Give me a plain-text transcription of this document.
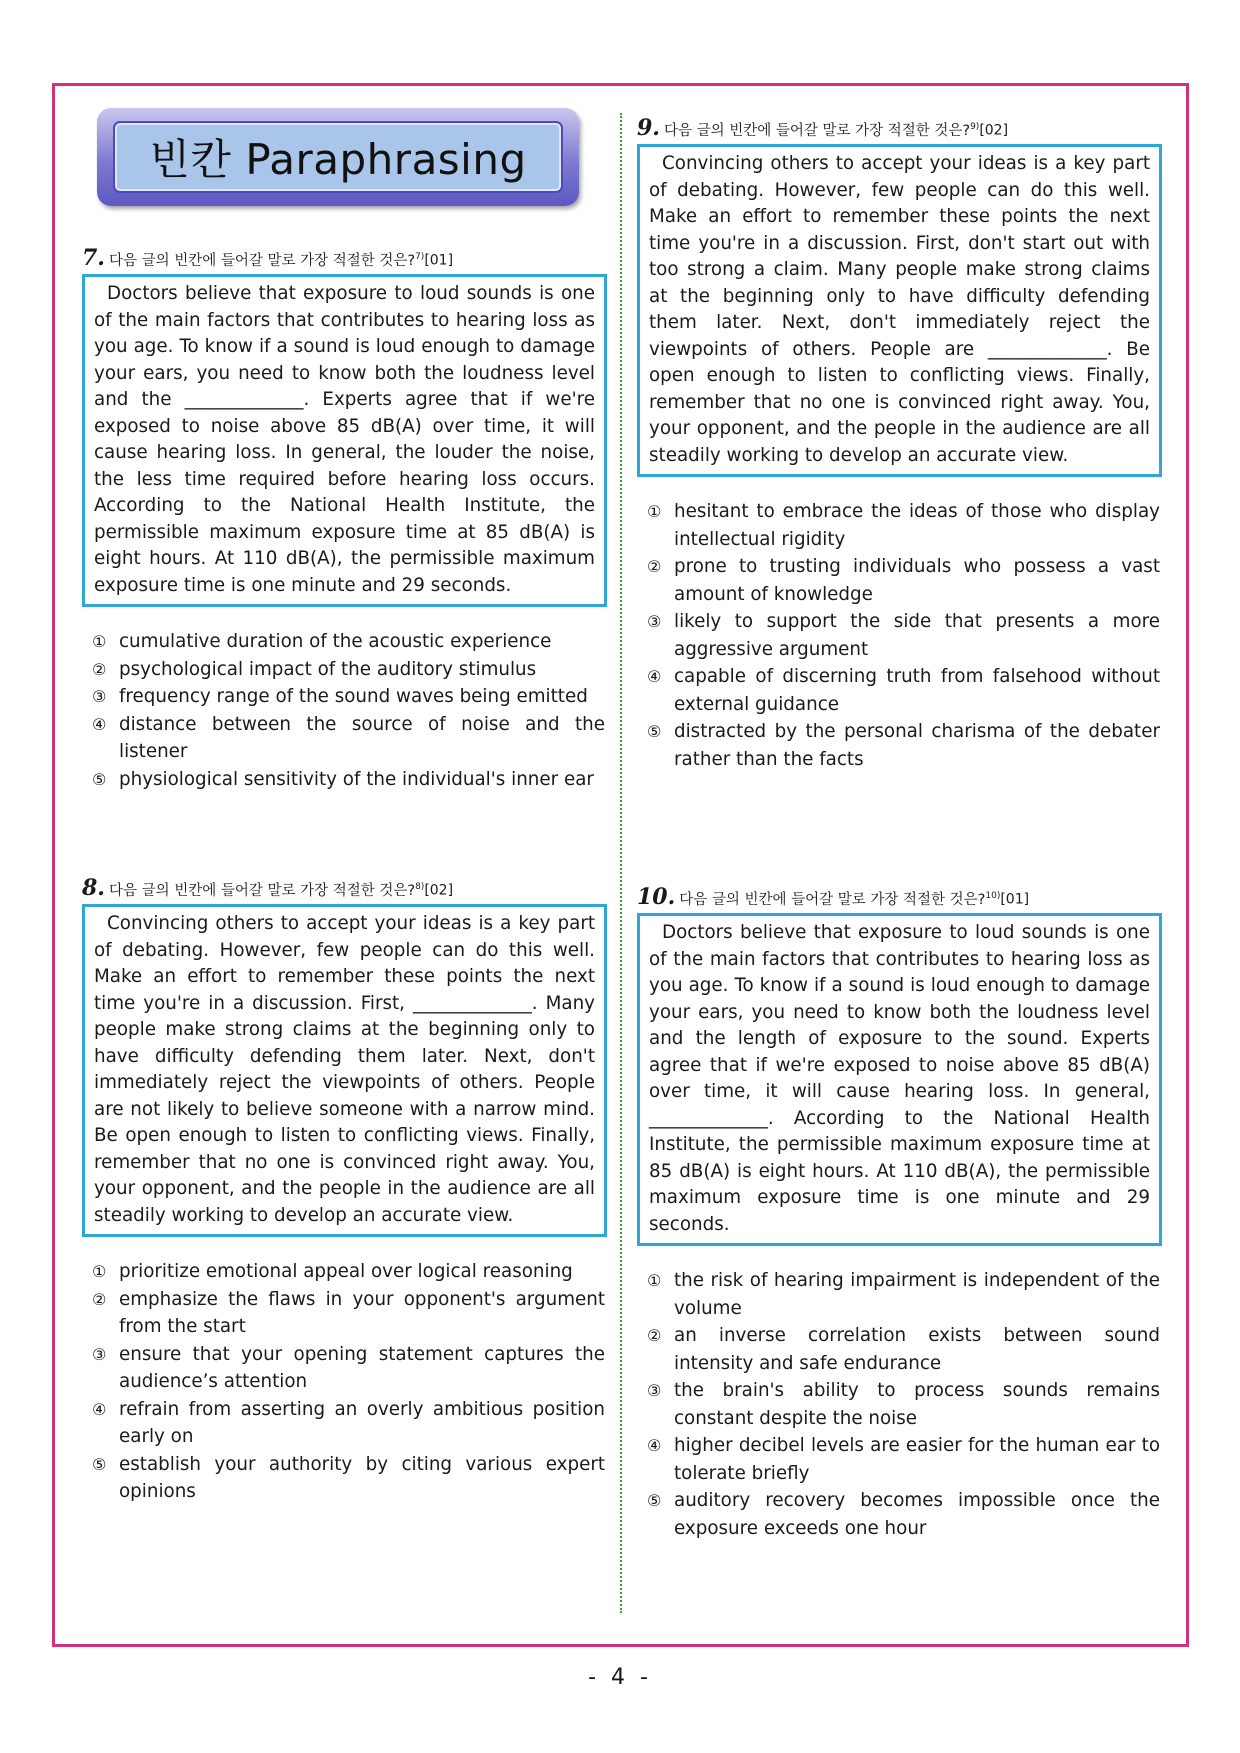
빈칸 Paraphrasing
7. 다음 글의 빈칸에 들어갈 말로 가장 적절한 것은? $^{7)}$[01]
Doctors believe that exposure to loud sounds is one of the main factors that contributes to hearing loss as you age. To know if a sound is loud enough to damage your ears, you need to know both the loudness level and the _____________. Experts agree that if we're exposed to noise above 85 dB(A) over time, it will cause hearing loss. In general, the louder the noise, the less time required before hearing loss occurs. According to the National Health Institute, the permissible maximum exposure time at 85 dB(A) is eight hours. At 110 dB(A), the permissible maximum exposure time is one minute and 29 seconds.
① cumulative duration of the acoustic experience
② psychological impact of the auditory stimulus
③ frequency range of the sound waves being emitted
④ distance between the source of noise and the listener
⑤ physiological sensitivity of the individual's inner ear
8. 다음 글의 빈칸에 들어갈 말로 가장 적절한 것은? $^{8)}$[02]
Convincing others to accept your ideas is a key part of debating. However, few people can do this well. Make an effort to remember these points the next time you're in a discussion. First, _____________. Many people make strong claims at the beginning only to have difficulty defending them later. Next, don't immediately reject the viewpoints of others. People are not likely to believe someone with a narrow mind. Be open enough to listen to conflicting views. Finally, remember that no one is convinced right away. You, your opponent, and the people in the audience are all steadily working to develop an accurate view.
① prioritize emotional appeal over logical reasoning
② emphasize the flaws in your opponent's argument from the start
③ ensure that your opening statement captures the audience’s attention
④ refrain from asserting an overly ambitious position early on
⑤ establish your authority by citing various expert opinions
9. 다음 글의 빈칸에 들어갈 말로 가장 적절한 것은? $^{9)}$[02]
Convincing others to accept your ideas is a key part of debating. However, few people can do this well. Make an effort to remember these points the next time you're in a discussion. First, don't start out with too strong a claim. Many people make strong claims at the beginning only to have difficulty defending them later. Next, don't immediately reject the viewpoints of others. People are _____________. Be open enough to listen to conflicting views. Finally, remember that no one is convinced right away. You, your opponent, and the people in the audience are all steadily working to develop an accurate view.
① hesitant to embrace the ideas of those who display intellectual rigidity
② prone to trusting individuals who possess a vast amount of knowledge
③ likely to support the side that presents a more aggressive argument
④ capable of discerning truth from falsehood without external guidance
⑤ distracted by the personal charisma of the debater rather than the facts
10. 다음 글의 빈칸에 들어갈 말로 가장 적절한 것은? $^{10)}$[01]
Doctors believe that exposure to loud sounds is one of the main factors that contributes to hearing loss as you age. To know if a sound is loud enough to damage your ears, you need to know both the loudness level and the length of exposure to the sound. Experts agree that if we're exposed to noise above 85 dB(A) over time, it will cause hearing loss. In general, _____________. According to the National Health Institute, the permissible maximum exposure time at 85 dB(A) is eight hours. At 110 dB(A), the permissible maximum exposure time is one minute and 29 seconds.
① the risk of hearing impairment is independent of the volume
② an inverse correlation exists between sound intensity and safe endurance
③ the brain's ability to process sounds remains constant despite the noise
④ higher decibel levels are easier for the human ear to tolerate briefly
⑤ auditory recovery becomes impossible once the exposure exceeds one hour
- 4 -
